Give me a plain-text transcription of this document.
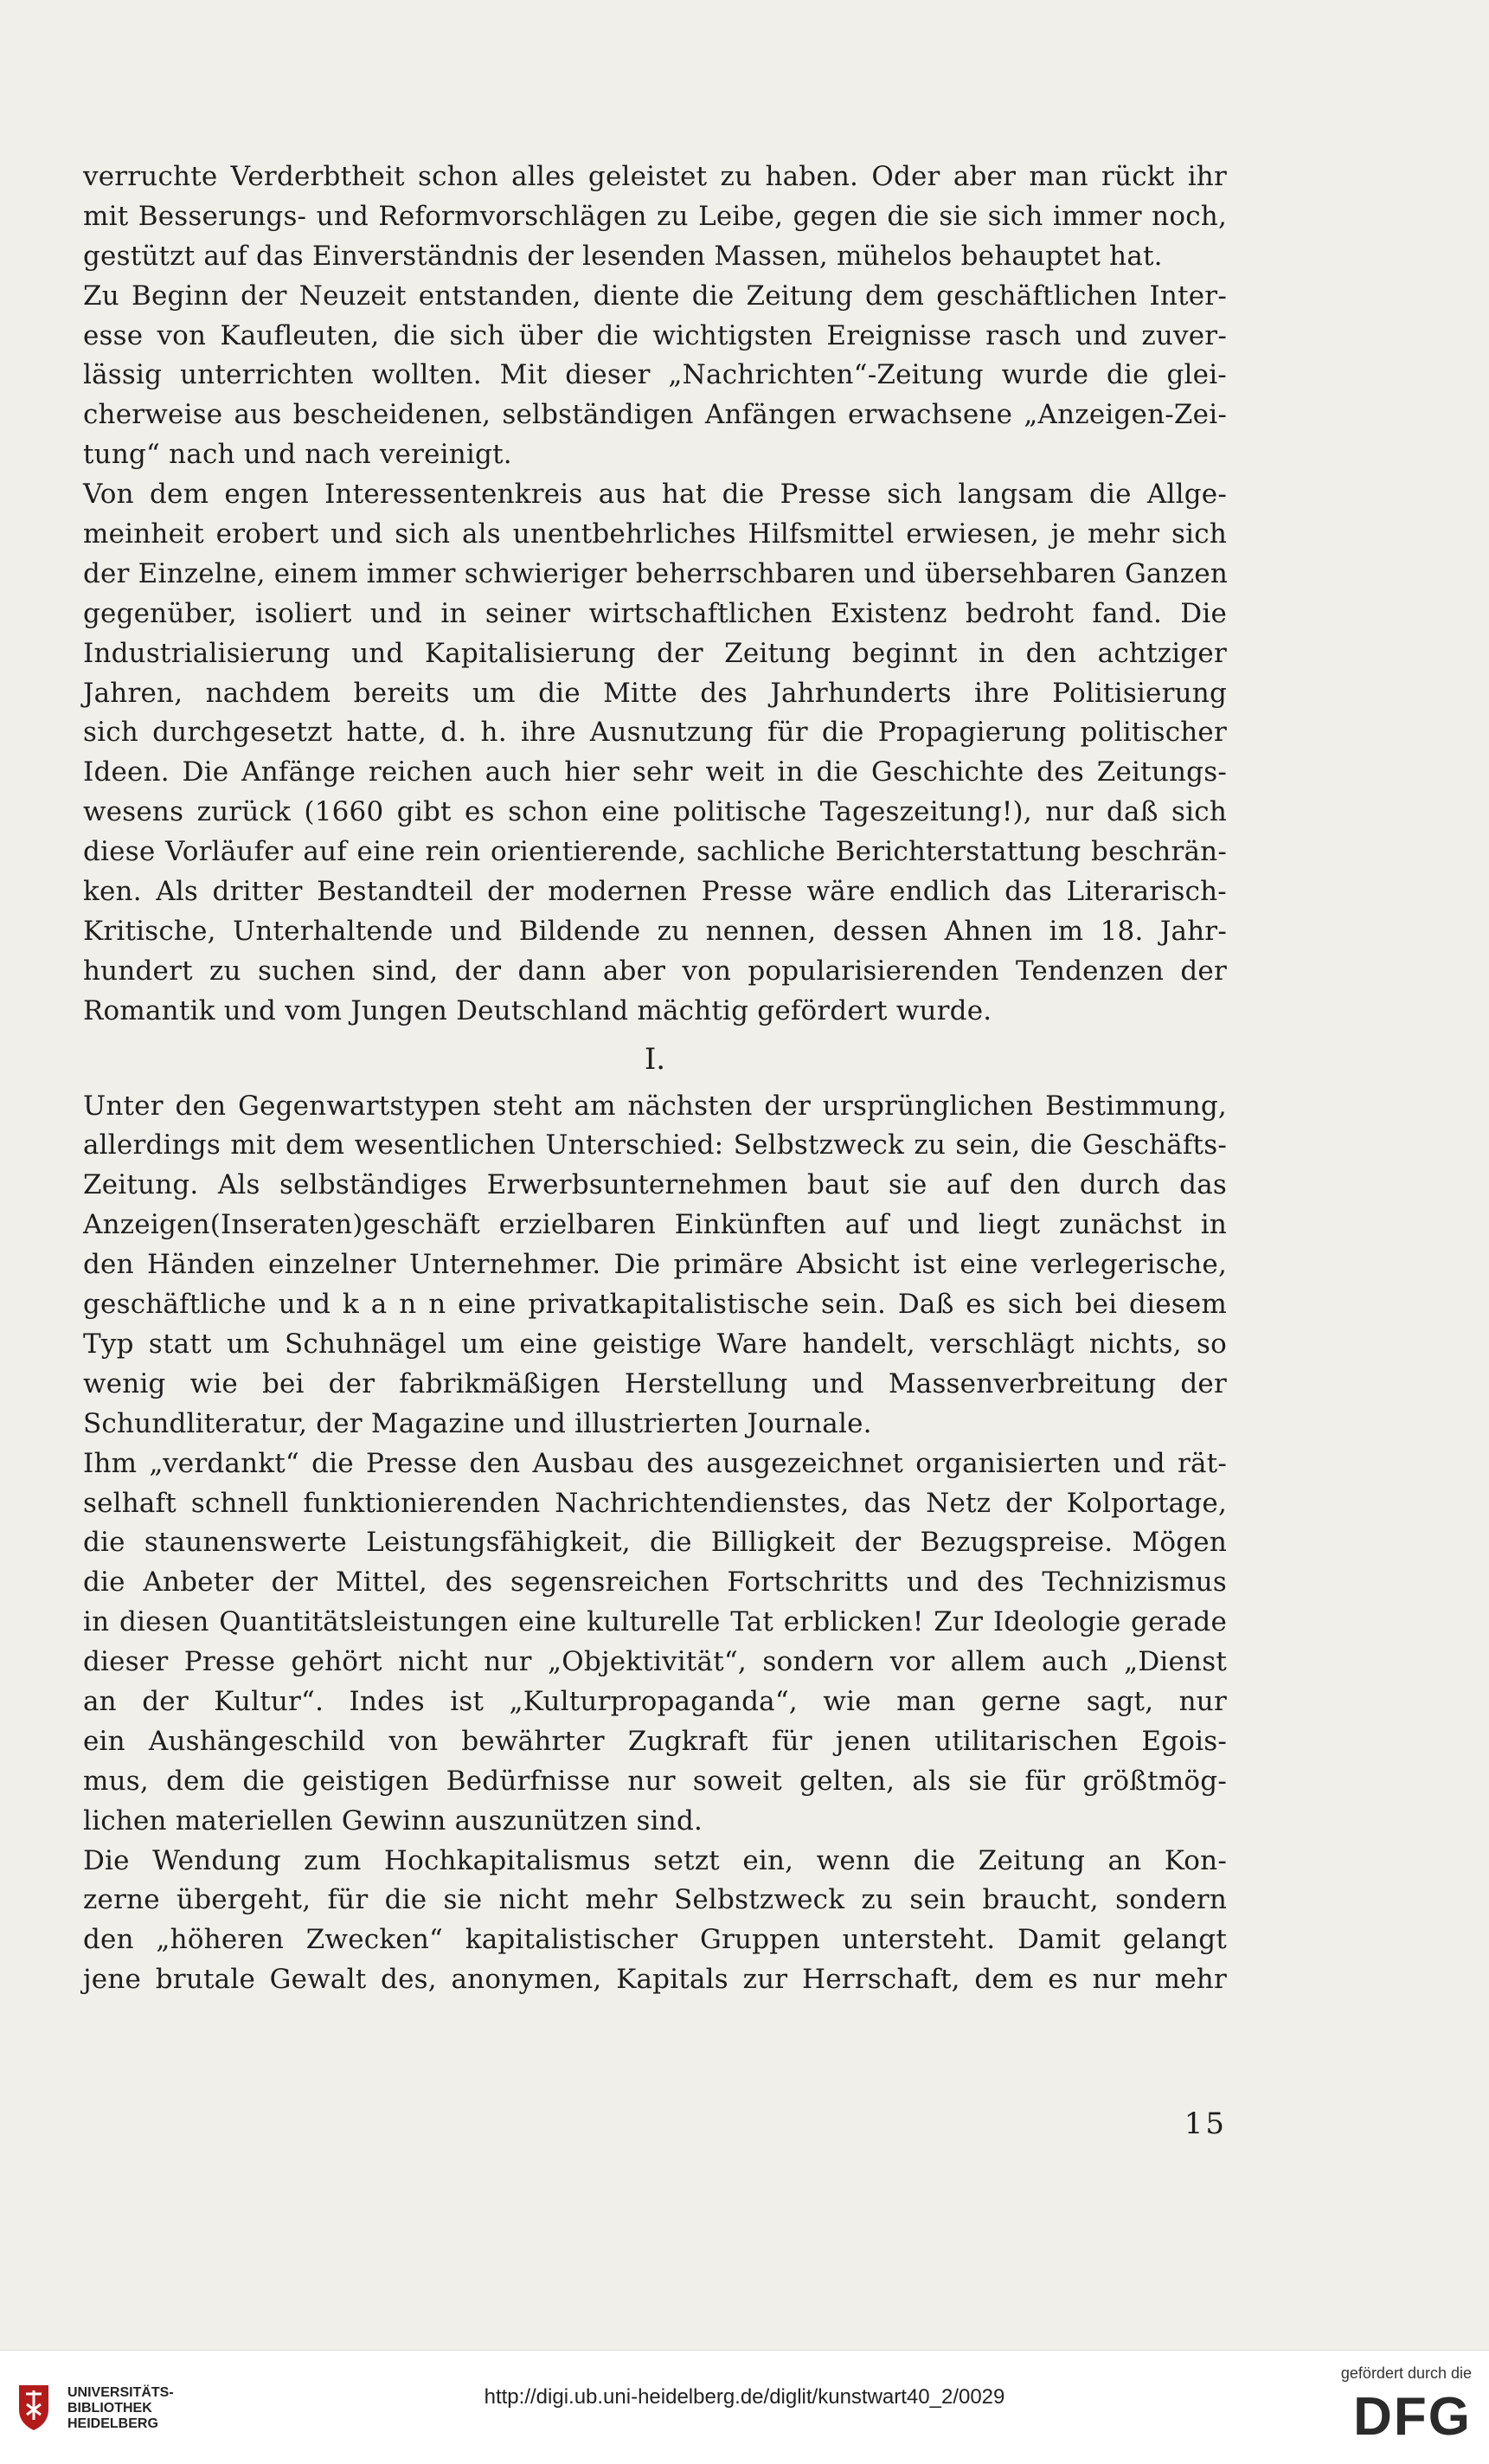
verruchte Verderbtheit schon alles geleistet zu haben. Oder aber man rückt ihr
mit Besserungs- und Reformvorschlägen zu Leibe, gegen die sie sich immer noch,
gestützt auf das Einverständnis der lesenden Massen, mühelos behauptet hat.
Zu Beginn der Neuzeit entstanden, diente die Zeitung dem geschäftlichen Inter-
esse von Kaufleuten, die sich über die wichtigsten Ereignisse rasch und zuver-
lässig unterrichten wollten. Mit dieser „Nachrichten“-Zeitung wurde die glei-
cherweise aus bescheidenen, selbständigen Anfängen erwachsene „Anzeigen-Zei-
tung“ nach und nach vereinigt.
Von dem engen Interessentenkreis aus hat die Presse sich langsam die Allge-
meinheit erobert und sich als unentbehrliches Hilfsmittel erwiesen, je mehr sich
der Einzelne, einem immer schwieriger beherrschbaren und übersehbaren Ganzen
gegenüber, isoliert und in seiner wirtschaftlichen Existenz bedroht fand. Die
Industrialisierung und Kapitalisierung der Zeitung beginnt in den achtziger
Jahren, nachdem bereits um die Mitte des Jahrhunderts ihre Politisierung
sich durchgesetzt hatte, d. h. ihre Ausnutzung für die Propagierung politischer
Ideen. Die Anfänge reichen auch hier sehr weit in die Geschichte des Zeitungs-
wesens zurück (1660 gibt es schon eine politische Tageszeitung!), nur daß sich
diese Vorläufer auf eine rein orientierende, sachliche Berichterstattung beschrän-
ken. Als dritter Bestandteil der modernen Presse wäre endlich das Literarisch-
Kritische, Unterhaltende und Bildende zu nennen, dessen Ahnen im 18. Jahr-
hundert zu suchen sind, der dann aber von popularisierenden Tendenzen der
Romantik und vom Jungen Deutschland mächtig gefördert wurde.
I.
Unter den Gegenwartstypen steht am nächsten der ursprünglichen Bestimmung,
allerdings mit dem wesentlichen Unterschied: Selbstzweck zu sein, die Geschäfts-
Zeitung. Als selbständiges Erwerbsunternehmen baut sie auf den durch das
Anzeigen(Inseraten)geschäft erzielbaren Einkünften auf und liegt zunächst in
den Händen einzelner Unternehmer. Die primäre Absicht ist eine verlegerische,
geschäftliche und k a n n eine privatkapitalistische sein. Daß es sich bei diesem
Typ statt um Schuhnägel um eine geistige Ware handelt, verschlägt nichts, so
wenig wie bei der fabrikmäßigen Herstellung und Massenverbreitung der
Schundliteratur, der Magazine und illustrierten Journale.
Ihm „verdankt“ die Presse den Ausbau des ausgezeichnet organisierten und rät-
selhaft schnell funktionierenden Nachrichtendienstes, das Netz der Kolportage,
die staunenswerte Leistungsfähigkeit, die Billigkeit der Bezugspreise. Mögen
die Anbeter der Mittel, des segensreichen Fortschritts und des Technizismus
in diesen Quantitätsleistungen eine kulturelle Tat erblicken! Zur Ideologie gerade
dieser Presse gehört nicht nur „Objektivität“, sondern vor allem auch „Dienst
an der Kultur“. Indes ist „Kulturpropaganda“, wie man gerne sagt, nur
ein Aushängeschild von bewährter Zugkraft für jenen utilitarischen Egois-
mus, dem die geistigen Bedürfnisse nur soweit gelten, als sie für größtmög-
lichen materiellen Gewinn auszunützen sind.
Die Wendung zum Hochkapitalismus setzt ein, wenn die Zeitung an Kon-
zerne übergeht, für die sie nicht mehr Selbstzweck zu sein braucht, sondern
den „höheren Zwecken“ kapitalistischer Gruppen untersteht. Damit gelangt
jene brutale Gewalt des, anonymen, Kapitals zur Herrschaft, dem es nur mehr
15
UNIVERSITÄTS-
BIBLIOTHEK
HEIDELBERG
http://digi.ub.uni-heidelberg.de/diglit/kunstwart40_2/0029
gefördert durch die
DFG
